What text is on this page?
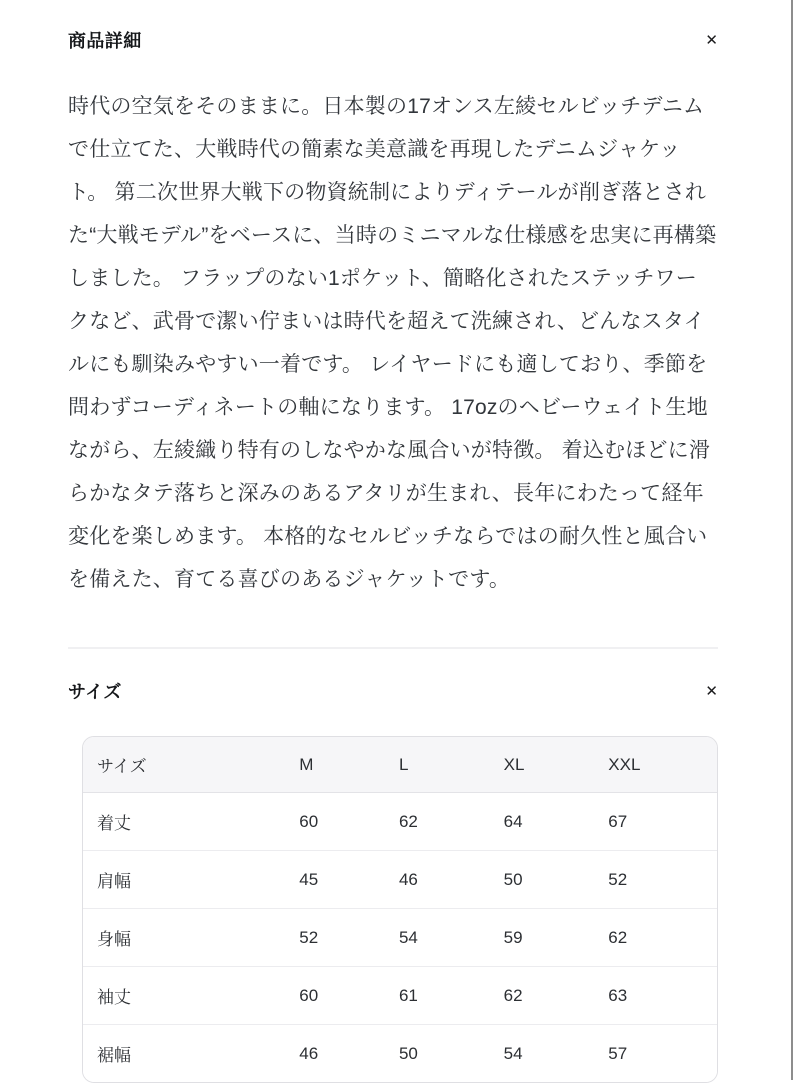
商品詳細	✕

時代の空気をそのままに。日本製の17オンス左綾セルビッチデニムで仕立てた、大戦時代の簡素な美意識を再現したデニムジャケット。 第二次世界大戦下の物資統制によりディテールが削ぎ落とされた“大戦モデル”をベースに、当時のミニマルな仕様感を忠実に再構築しました。 フラップのない1ポケット、簡略化されたステッチワークなど、武骨で潔い佇まいは時代を超えて洗練され、どんなスタイルにも馴染みやすい一着です。 レイヤードにも適しており、季節を問わずコーディネートの軸になります。 17ozのヘビーウェイト生地ながら、左綾織り特有のしなやかな風合いが特徴。 着込むほどに滑らかなタテ落ちと深みのあるアタリが生まれ、長年にわたって経年変化を楽しめます。 本格的なセルビッチならではの耐久性と風合いを備えた、育てる喜びのあるジャケットです。

サイズ	✕
サイズ	M	L	XL	XXL
着丈	60	62	64	67
肩幅	45	46	50	52
身幅	52	54	59	62
袖丈	60	61	62	63
裾幅	46	50	54	57
